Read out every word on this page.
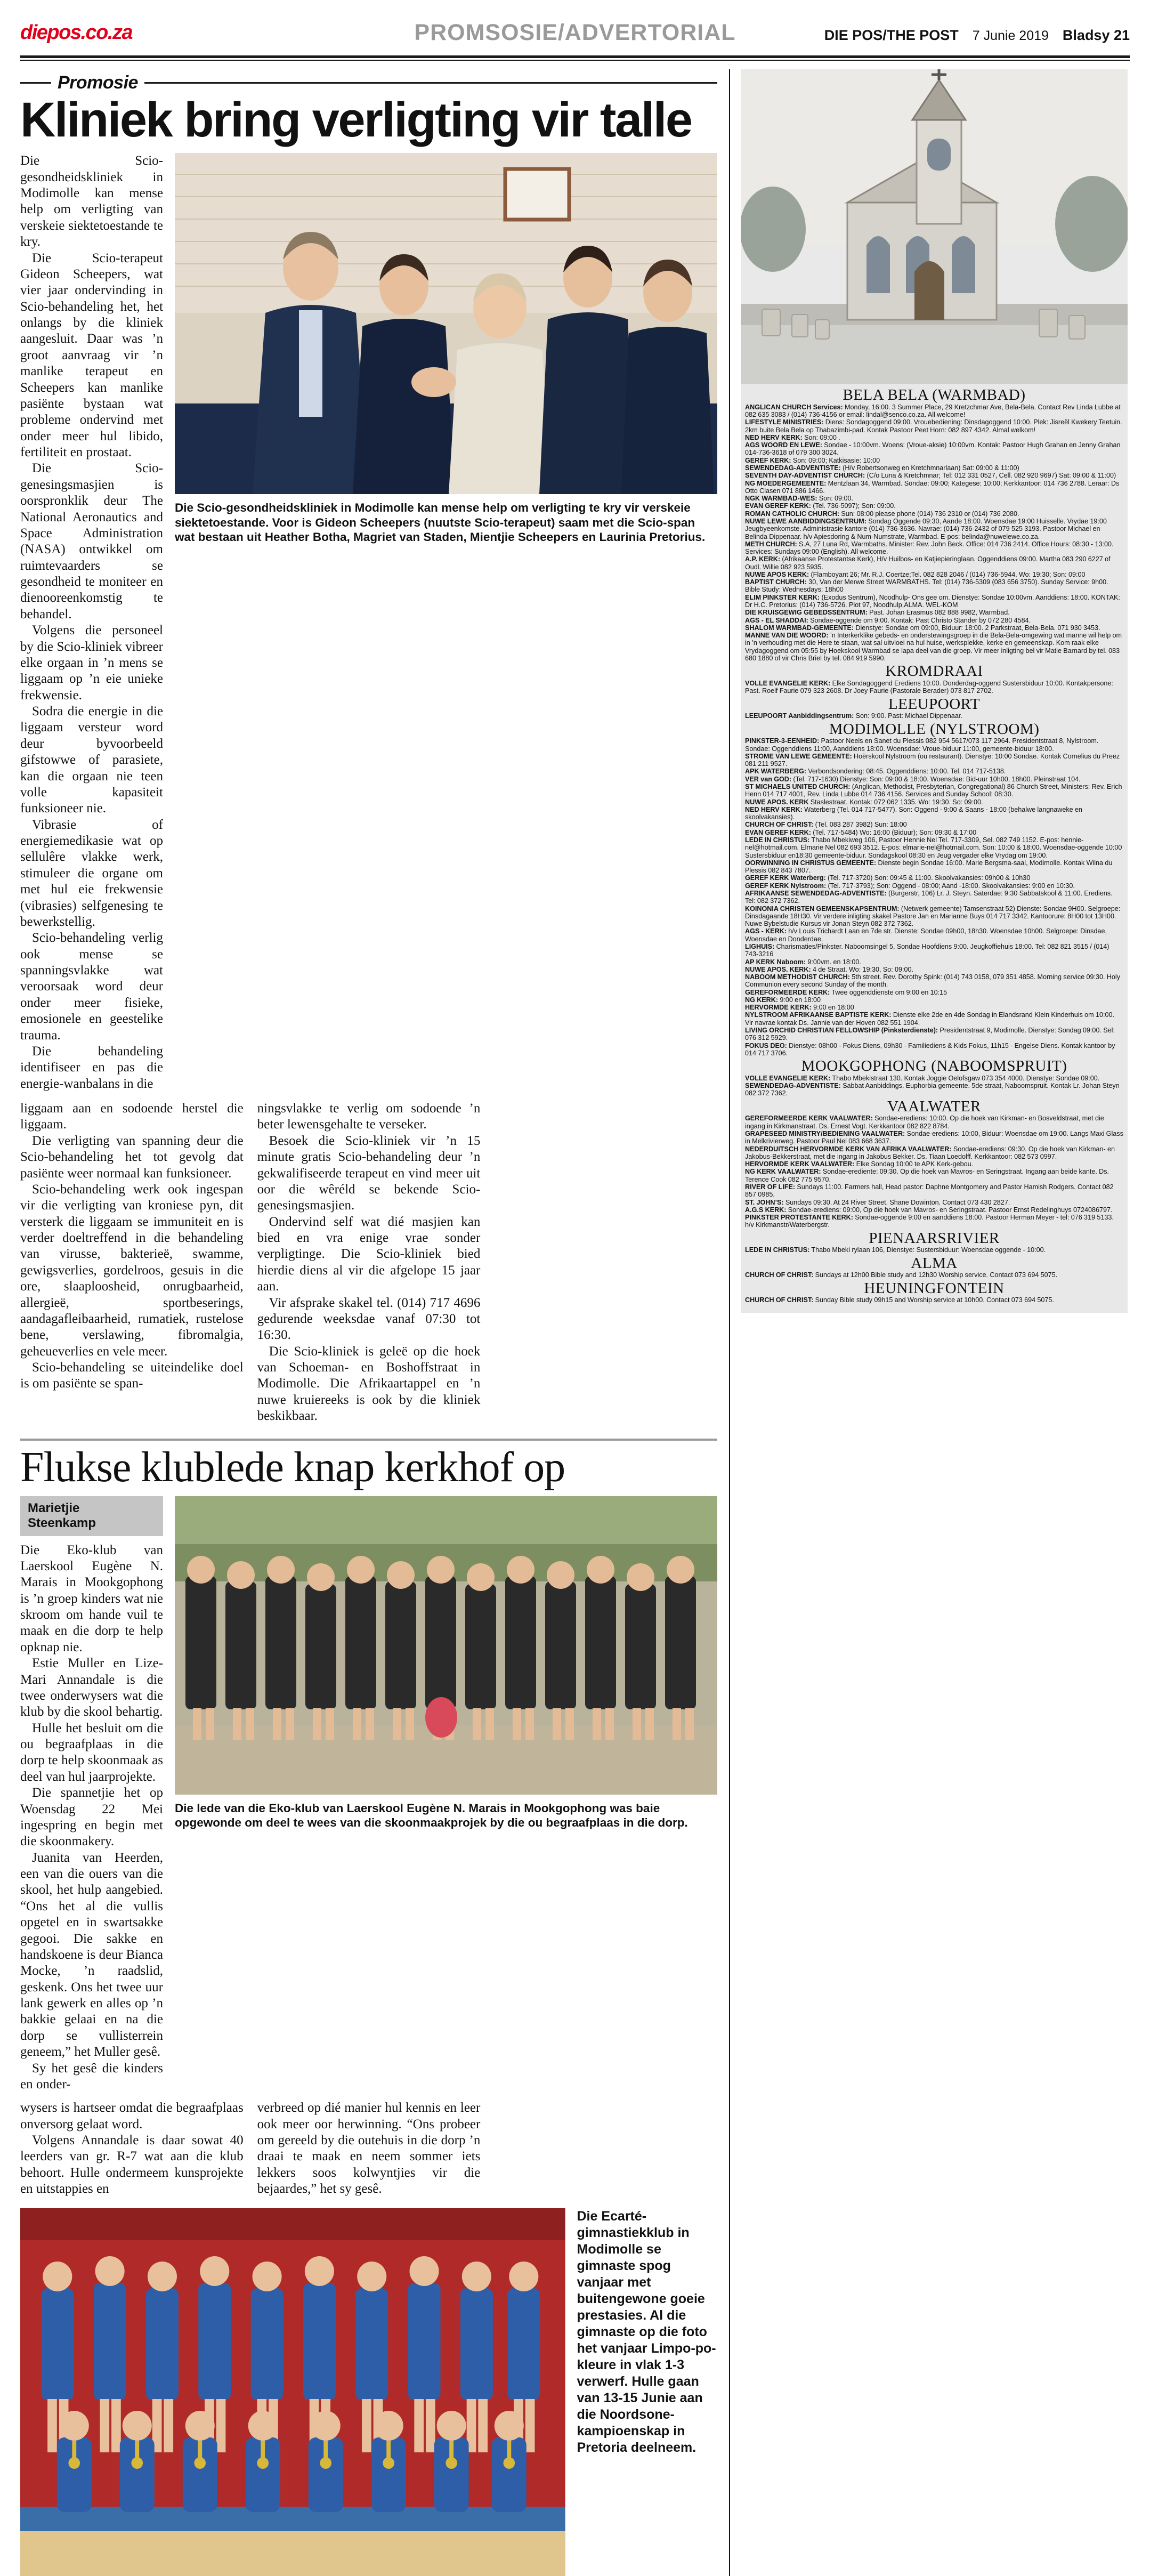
diepos.co.za	PROMSOSIE/ADVERTORIAL	DIE POS/THE POST 7 Junie 2019 Bladsy 21
Promosie
Kliniek bring verligting vir talle

Die Scio-gesondheidskliniek in Modimolle kan mense help om verligting van verskeie siektetoestande te kry.

Die Scio-terapeut Gideon Scheepers, wat vier jaar ondervinding in Scio-behandeling het, het onlangs by die kliniek aangesluit. Daar was ’n groot aanvraag vir ’n manlike terapeut en Scheepers kan manlike pasiënte bystaan wat probleme ondervind met onder meer hul libido, fertiliteit en prostaat.

Die Scio-genesingsmasjien is oorspronklik deur The National Aeronautics and Space Administration (NASA) ontwikkel om ruimtevaarders se gesondheid te moniteer en dienooreenkomstig te behandel.

Volgens die personeel by die Scio-kliniek vibreer elke orgaan in ’n mens se liggaam op ’n eie unieke frekwensie.

Sodra die energie in die liggaam versteur word deur byvoorbeeld gifstowwe of parasiete, kan die orgaan nie teen volle kapasiteit funksioneer nie.

Vibrasie of energiemedikasie wat op sellulêre vlakke werk, stimuleer die organe om met hul eie frekwensie (vibrasies) selfgenesing te bewerkstellig.

Scio-behandeling verlig ook mense se spanningsvlakke wat veroorsaak word deur onder meer fisieke, emosionele en geestelike trauma.

Die behandeling identifiseer en pas die energie-wanbalans in die

Die Scio-gesondheidskliniek in Modimolle kan mense help om verligting te kry vir verskeie siektetoestande. Voor is Gideon Scheepers (nuutste Scio-terapeut) saam met die Scio-span wat bestaan uit Heather Botha, Magriet van Staden, Mientjie Scheepers en Laurinia Pretorius.

liggaam aan en sodoende herstel die liggaam.

Die verligting van spanning deur die Scio-behandeling het tot gevolg dat pasiënte weer normaal kan funksioneer.

Scio-behandeling werk ook ingespan vir die verligting van kroniese pyn, dit versterk die liggaam se immuniteit en is verder doeltreffend in die behandeling van virusse, bakterieë, swamme, gewigsverlies, gordelroos, gesuis in die ore, slaaploosheid, onrugbaarheid, allergieë, sportbeserings, aandagafleibaarheid, rumatiek, rustelose bene, verslawing, fibromalgia, geheueverlies en vele meer.

Scio-behandeling se uiteindelike doel is om pasiënte se span-

ningsvlakke te verlig om sodoende ’n beter lewensgehalte te verseker.

Besoek die Scio-kliniek vir ’n 15 minute gratis Scio-behandeling deur ’n gekwalifiseerde terapeut en vind meer uit oor die wêréld se bekende Scio-genesingsmasjien.

Ondervind self wat dié masjien kan bied en vra enige vrae sonder verpligtinge. Die Scio-kliniek bied hierdie diens al vir die afgelope 15 jaar aan.

Vir afsprake skakel tel. (014) 717 4696 gedurende weeksdae vanaf 07:30 tot 16:30.

Die Scio-kliniek is geleë op die hoek van Schoeman- en Boshoffstraat in Modimolle. Die Afrikaartappel en ’n nuwe kruiereeks is ook by die kliniek beskikbaar.

Flukse klublede knap kerkhof op
Marietjie Steenkamp

Die Eko-klub van Laerskool Eugène N. Marais in Mookgophong is ’n groep kinders wat nie skroom om hande vuil te maak en die dorp te help opknap nie.

Estie Muller en Lize-Mari Annandale is die twee onderwysers wat die klub by die skool behartig.

Hulle het besluit om die ou begraafplaas in die dorp te help skoonmaak as deel van hul jaarprojekte.

Die spannetjie het op Woensdag 22 Mei ingespring en begin met die skoonmakery.

Juanita van Heerden, een van die ouers van die skool, het hulp aangebied. “Ons het al die vullis opgetel en in swartsakke gegooi. Die sakke en handskoene is deur Bianca Mocke, ’n raadslid, geskenk. Ons het twee uur lank gewerk en alles op ’n bakkie gelaai en na die dorp se vullisterrein geneem,” het Muller gesê.

Sy het gesê die kinders en onder-

Die lede van die Eko-klub van Laerskool Eugène N. Marais in Mookgophong was baie opgewonde om deel te wees van die skoonmaakprojek by die ou begraafplaas in die dorp.

wysers is hartseer omdat die begraafplaas onversorg gelaat word.

Volgens Annandale is daar sowat 40 leerders van gr. R-7 wat aan die klub behoort. Hulle ondermeem kunsprojekte en uitstappies en

verbreed op dié manier hul kennis en leer ook meer oor herwinning. “Ons probeer om gereeld by die outehuis in die dorp ’n draai te maak en neem sommer iets lekkers soos kolwyntjies vir die bejaardes,” het sy gesê.

Die Ecarté-gimnastiekklub in Modimolle se gimnaste spog vanjaar met buitengewone goeie prestasies. Al die gimnaste op die foto het vanjaar Limpo-po-kleure in vlak 1-3 verwerf. Hulle gaan van 13-15 Junie aan die Noordsone-kampioenskap in Pretoria deelneem.
BELA BELA (WARMBAD)

ANGLICAN CHURCH Services: Monday, 16:00. 3 Summer Place, 29 Kretzchmar Ave, Bela-Bela. Contact Rev Linda Lubbe at 082 635 3083 / (014) 736-4156 or email: lindal@senco.co.za. All welcome!

LIFESTYLE MINISTRIES: Diens: Sondagoggend 09:00. Vrouebediening: Dinsdagoggend 10:00. Plek: Jisreël Kwekery Teetuin. 2km buite Bela Bela op Thabazimbi-pad. Kontak Pastoor Peet Horn: 082 897 4342. Almal welkom!

NED HERV KERK: Son: 09:00 .

AGS WOORD EN LEWE: Sondae - 10:00vm. Woens: (Vroue-aksie) 10:00vm. Kontak: Pastoor Hugh Grahan en Jenny Grahan 014-736-3618 of 079 300 3024.

GEREF KERK: Son: 09:00; Katkisasie: 10:00

SEWENDEDAG-ADVENTISTE: (H/v Robertsonweg en Kretchmnarlaan) Sat: 09:00 & 11:00)

SEVENTH DAY-ADVENTIST CHURCH: (C/o Luna & Kretchmnar; Tel: 012 331 0527, Cell. 082 920 9697) Sat: 09:00 & 11:00)

NG MOEDERGEMEENTE: Mentzlaan 34, Warmbad. Sondae: 09:00; Kategese: 10:00; Kerkkantoor: 014 736 2788. Leraar: Ds Otto Clasen 071 886 1466.

NGK WARMBAD-WES: Son: 09:00.

EVAN GEREF KERK: (Tel. 736-5097); Son: 09:00.

ROMAN CATHOLIC CHURCH: Sun: 08:00 please phone (014) 736 2310 or (014) 736 2080.

NUWE LEWE AANBIDDINGSENTRUM: Sondag Oggende 09:30, Aande 18:00. Woensdae 19:00 Huisselle. Vrydae 19:00 Jeugbyeenkomste. Administrasie kantore (014) 736-3636. Navrae: (014) 736-2432 of 079 525 3193. Pastoor Michael en Belinda Dippenaar. h/v Apiesdoring & Num-Numstrate, Warmbad. E-pos: belinda@nuwelewe.co.za.

METH CHURCH: S.A, 27 Luna Rd, Warmbaths. Minister: Rev. John Beck. Office: 014 736 2414. Office Hours: 08:30 - 13:00. Services: Sundays 09:00 (English). All welcome.

A.P. KERK: (Afrikaanse Protestantse Kerk), H/v Huilbos- en Katjiepieringlaan. Oggenddiens 09:00. Martha 083 290 6227 of Oudl. Willie 082 923 5935.

NUWE APOS KERK: (Flamboyant 26; Mr. R.J. Coertze;Tel. 082 828 2046 / (014) 736-5944. Wo: 19:30; Son: 09:00

BAPTIST CHURCH: 30, Van der Merwe Street WARMBATHS. Tel: (014) 736-5309 (083 656 3750). Sunday Service: 9h00. Bible Study: Wednesdays: 18h00

ELIM PINKSTER KERK: (Exodus Sentrum), Noodhulp- Ons gee om. Dienstye: Sondae 10:00vm. Aanddiens: 18:00. KONTAK: Dr H.C. Pretorius: (014) 736-5726. Plot 97, Noodhulp,ALMA. WEL-KOM

DIE KRUISGEWIG GEBEDSSENTRUM: Past. Johan Erasmus 082 888 9982, Warmbad.

AGS - EL SHADDAI: Sondae-oggende om 9:00. Kontak: Past Christo Stander by 072 280 4584.

SHALOM WARMBAD-GEMEENTE: Dienstye: Sondae om 09:00, Biduur: 18:00. 2 Parkstraat, Bela-Bela. 071 930 3453.

MANNE VAN DIE WOORD: ’n Interkerklike gebeds- en onderstewingsgroep in die Bela-Bela-omgewing wat manne wil help om in ’n verhouding met die Here te staan, wat sal uitvloei na hul huise, werksplekke, kerke en gemeenskap. Kom raak elke Vrydagoggend om 05:55 by Hoekskool Warmbad se lapa deel van die groep. Vir meer inligting bel vir Matie Barnard by tel. 083 680 1880 of vir Chris Briel by tel. 084 919 5990.

KROMDRAAI

VOLLE EVANGELIE KERK: Elke Sondagoggend Erediens 10:00. Donderdag-oggend Sustersbiduur 10:00. Kontakpersone: Past. Roelf Faurie 079 323 2608. Dr Joey Faurie (Pastorale Berader) 073 817 2702.

LEEUPOORT

LEEUPOORT Aanbiddingsentrum: Son: 9:00. Past: Michael Dippenaar.

MODIMOLLE (NYLSTROOM)

PINKSTER-3-EENHEID: Pastoor Neels en Sanet du Plessis 082 954 5617/073 117 2964. Presidentstraat 8, Nylstroom. Sondae: Oggenddiens 11:00, Aanddiens 18:00. Woensdae: Vroue-biduur 11:00, gemeente-biduur 18:00.

STROME VAN LEWE GEMEENTE: Hoërskool Nylstroom (ou restaurant). Dienstye: 10:00 Sondae. Kontak Cornelius du Preez 081 211 9527.

APK WATERBERG: Verbondsondering: 08:45. Oggenddiens: 10:00. Tel. 014 717-5138.

VER van GOD: (Tel. 717-1630) Dienstye: Son: 09:00 & 18:00. Woensdae: Bid-uur 10h00, 18h00. Pleinstraat 104.

ST MICHAELS UNITED CHURCH: (Anglican, Methodist, Presbyterian, Congregational) 86 Church Street, Ministers: Rev. Erich Henn 014 717 4001, Rev. Linda Lubbe 014 736 4156. Services and Sunday School: 08:30.

NUWE APOS. KERK Staslestraat. Kontak: 072 062 1335. Wo: 19:30. So: 09:00.

NED HERV KERK: Waterberg (Tel. 014 717-5477). Son: Oggend - 9:00 & Saans - 18:00 (behalwe langnaweke en skoolvakansies).

CHURCH OF CHRIST: (Tel. 083 287 3982) Sun: 18:00

EVAN GEREF KERK: (Tel. 717-5484) Wo: 16:00 (Biduur); Son: 09:30 & 17:00

LEDE IN CHRISTUS: Thabo Mbekiweg 106, Pastoor Hennie Nel Tel. 717-3309, Sel. 082 749 1152. E-pos: hennie-nel@hotmail.com. Elmarie Nel 082 693 3512. E-pos: elmarie-nel@hotmail.com. Son: 10:00 & 18:00. Woensdae-oggende 10:00 Sustersbiduur en18:30 gemeente-biduur. Sondagskool 08:30 en Jeug vergader elke Vrydag om 19:00.

OORWINNING IN CHRISTUS GEMEENTE: Dienste begin Sondae 16:00. Marie Bergsma-saal, Modimolle. Kontak Wilna du Plessis 082 843 7807.

GEREF KERK Waterberg: (Tel. 717-3720) Son: 09:45 & 11:00. Skoolvakansies: 09h00 & 10h30

GEREF KERK Nylstroom: (Tel. 717-3793); Son: Oggend - 08:00; Aand -18:00. Skoolvakansies: 9:00 en 10:30.

AFRIKAANSE SEWENDEDAG-ADVENTISTE: (Burgerstr, 106) Lr. J. Steyn. Saterdae: 9:30 Sabbatskool & 11:00. Erediens. Tel: 082 372 7362.

KOINONIA CHRISTEN GEMEENSKAPSENTRUM: (Netwerk gemeente) Tamsenstraat 52) Dienste: Sondae 9H00. Selgroepe: Dinsdagaande 18H30. Vir verdere inligting skakel Pastore Jan en Marianne Buys 014 717 3342. Kantoorure: 8H00 tot 13H00. Nuwe Bybelstudie Kursus vir Jonan Steyn 082 372 7362.

AGS - KERK: h/v Louis Trichardt Laan en 7de str. Dienste: Sondae 09h00, 18h30. Woensdae 10h00. Selgroepe: Dinsdae, Woensdae en Donderdae.

LIGHUIS: Charismaties/Pinkster. Naboomsingel 5, Sondae Hoofdiens 9:00. Jeugkoffiehuis 18:00. Tel: 082 821 3515 / (014) 743-3216

AP KERK Naboom: 9:00vm. en 18:00.

NUWE APOS. KERK: 4 de Straat. Wo: 19:30, So: 09:00.

NABOOM METHODIST CHURCH: 5th street. Rev. Dorothy Spink: (014) 743 0158, 079 351 4858. Morning service 09:30. Holy Communion every second Sunday of the month.

GEREFORMEERDE KERK: Twee oggenddienste om 9:00 en 10:15

NG KERK: 9:00 en 18:00

HERVORMDE KERK: 9:00 en 18:00

NYLSTROOM AFRIKAANSE BAPTISTE KERK: Dienste elke 2de en 4de Sondag in Elandsrand Klein Kinderhuis om 10:00. Vir navrae kontak Ds. Jannie van der Hoven 082 551 1904.

LIVING ORCHID CHRISTIAN FELLOWSHIP (Pinksterdienste): Presidentstraat 9, Modimolle. Dienstye: Sondag 09:00. Sel: 076 312 5929.

FOKUS DEO: Dienstye: 08h00 - Fokus Diens, 09h30 - Familiediens & Kids Fokus, 11h15 - Engelse Diens. Kontak kantoor by 014 717 3706.

MOOKGOPHONG (NABOOMSPRUIT)

VOLLE EVANGELIE KERK: Thabo Mbekistraat 130. Kontak Joggie Oelofsgaw 073 354 4000. Dienstye: Sondae 09:00.

SEWENDEDAG-ADVENTISTE: Sabbat Aanbiddings. Euphorbia gemeente. 5de straat, Naboomspruit. Kontak Lr. Johan Steyn 082 372 7362.

VAALWATER

GEREFORMEERDE KERK VAALWATER: Sondae-erediens: 10:00. Op die hoek van Kirkman- en Bosveldstraat, met die ingang in Kirkmanstraat. Ds. Ernest Vogt. Kerkkantoor 082 822 8784.

GRAPESEED MINISTRY/BEDIENING VAALWATER: Sondae-erediens: 10:00, Biduur: Woensdae om 19:00. Langs Maxi Glass in Melkrivierweg. Pastoor Paul Nel 083 668 3637.

NEDERDUITSCH HERVORMDE KERK VAN AFRIKA VAALWATER: Sondae-erediens: 09:30. Op die hoek van Kirkman- en Jakobus-Bekkerstraat, met die ingang in Jakobus Bekker. Ds. Tiaan Loedolff. Kerkkantoor: 082 573 0997.

HERVORMDE KERK VAALWATER: Elke Sondag 10:00 te APK Kerk-gebou.

NG KERK VAALWATER: Sondae-erediente: 09:30. Op die hoek van Mavros- en Seringstraat. Ingang aan beide kante. Ds. Terence Cook 082 775 9570.

RIVER OF LIFE: Sundays 11:00. Farmers hall, Head pastor: Daphne Montgomery and Pastor Hamish Rodgers. Contact 082 857 0985.

ST. JOHN’S: Sundays 09:30. At 24 River Street. Shane Dowinton. Contact 073 430 2827.

A.G.S KERK: Sondae-erediens: 09:00, Op die hoek van Mavros- en Seringstraat. Pastoor Ernst Redelinghuys 0724086797.

PINKSTER PROTESTANTE KERK: Sondae-oggende 9:00 en aanddiens 18:00. Pastoor Herman Meyer - tel: 076 319 5133. h/v Kirkmanstr/Waterbergstr.

PIENAARSRIVIER

LEDE IN CHRISTUS: Thabo Mbeki rylaan 106, Dienstye: Sustersbiduur: Woensdae oggende - 10:00.

ALMA

CHURCH OF CHRIST: Sundays at 12h00 Bible study and 12h30 Worship service. Contact 073 694 5075.

HEUNINGFONTEIN

CHURCH OF CHRIST: Sunday Bible study 09h15 and Worship service at 10h00. Contact 073 694 5075.
